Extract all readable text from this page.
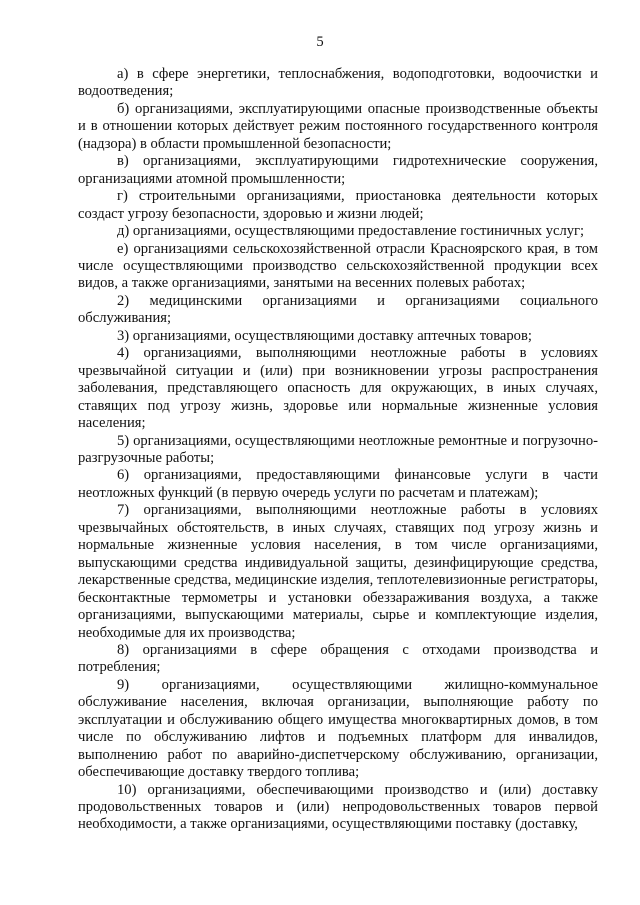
5

а) в сфере энергетики, теплоснабжения, водоподготовки, водоочистки и водоотведения;

б) организациями, эксплуатирующими опасные производственные объекты и в отношении которых действует режим постоянного государственного контроля (надзора) в области промышленной безопасности;

в) организациями, эксплуатирующими гидротехнические сооружения, организациями атомной промышленности;

г) строительными организациями, приостановка деятельности которых создаст угрозу безопасности, здоровью и жизни людей;

д) организациями, осуществляющими предоставление гостиничных услуг;

е) организациями сельскохозяйственной отрасли Красноярского края, в том числе осуществляющими производство сельскохозяйственной продукции всех видов, а также организациями, занятыми на весенних полевых работах;

2) медицинскими организациями и организациями социального обслуживания;

3) организациями, осуществляющими доставку аптечных товаров;

4) организациями, выполняющими неотложные работы в условиях чрезвычайной ситуации и (или) при возникновении угрозы распространения заболевания, представляющего опасность для окружающих, в иных случаях, ставящих под угрозу жизнь, здоровье или нормальные жизненные условия населения;

5) организациями, осуществляющими неотложные ремонтные и погрузочно-разгрузочные работы;

6) организациями, предоставляющими финансовые услуги в части неотложных функций (в первую очередь услуги по расчетам и платежам);

7) организациями, выполняющими неотложные работы в условиях чрезвычайных обстоятельств, в иных случаях, ставящих под угрозу жизнь и нормальные жизненные условия населения, в том числе организациями, выпускающими средства индивидуальной защиты, дезинфицирующие средства, лекарственные средства, медицинские изделия, теплотелевизионные регистраторы, бесконтактные термометры и установки обеззараживания воздуха, а также организациями, выпускающими материалы, сырье и комплектующие изделия, необходимые для их производства;

8) организациями в сфере обращения с отходами производства и потребления;

9) организациями, осуществляющими жилищно-коммунальное обслуживание населения, включая организации, выполняющие работу по эксплуатации и обслуживанию общего имущества многоквартирных домов, в том числе по обслуживанию лифтов и подъемных платформ для инвалидов, выполнению работ по аварийно-диспетчерскому обслуживанию, организации, обеспечивающие доставку твердого топлива;

10) организациями, обеспечивающими производство и (или) доставку продовольственных товаров и (или) непродовольственных товаров первой необходимости, а также организациями, осуществляющими поставку (доставку,
